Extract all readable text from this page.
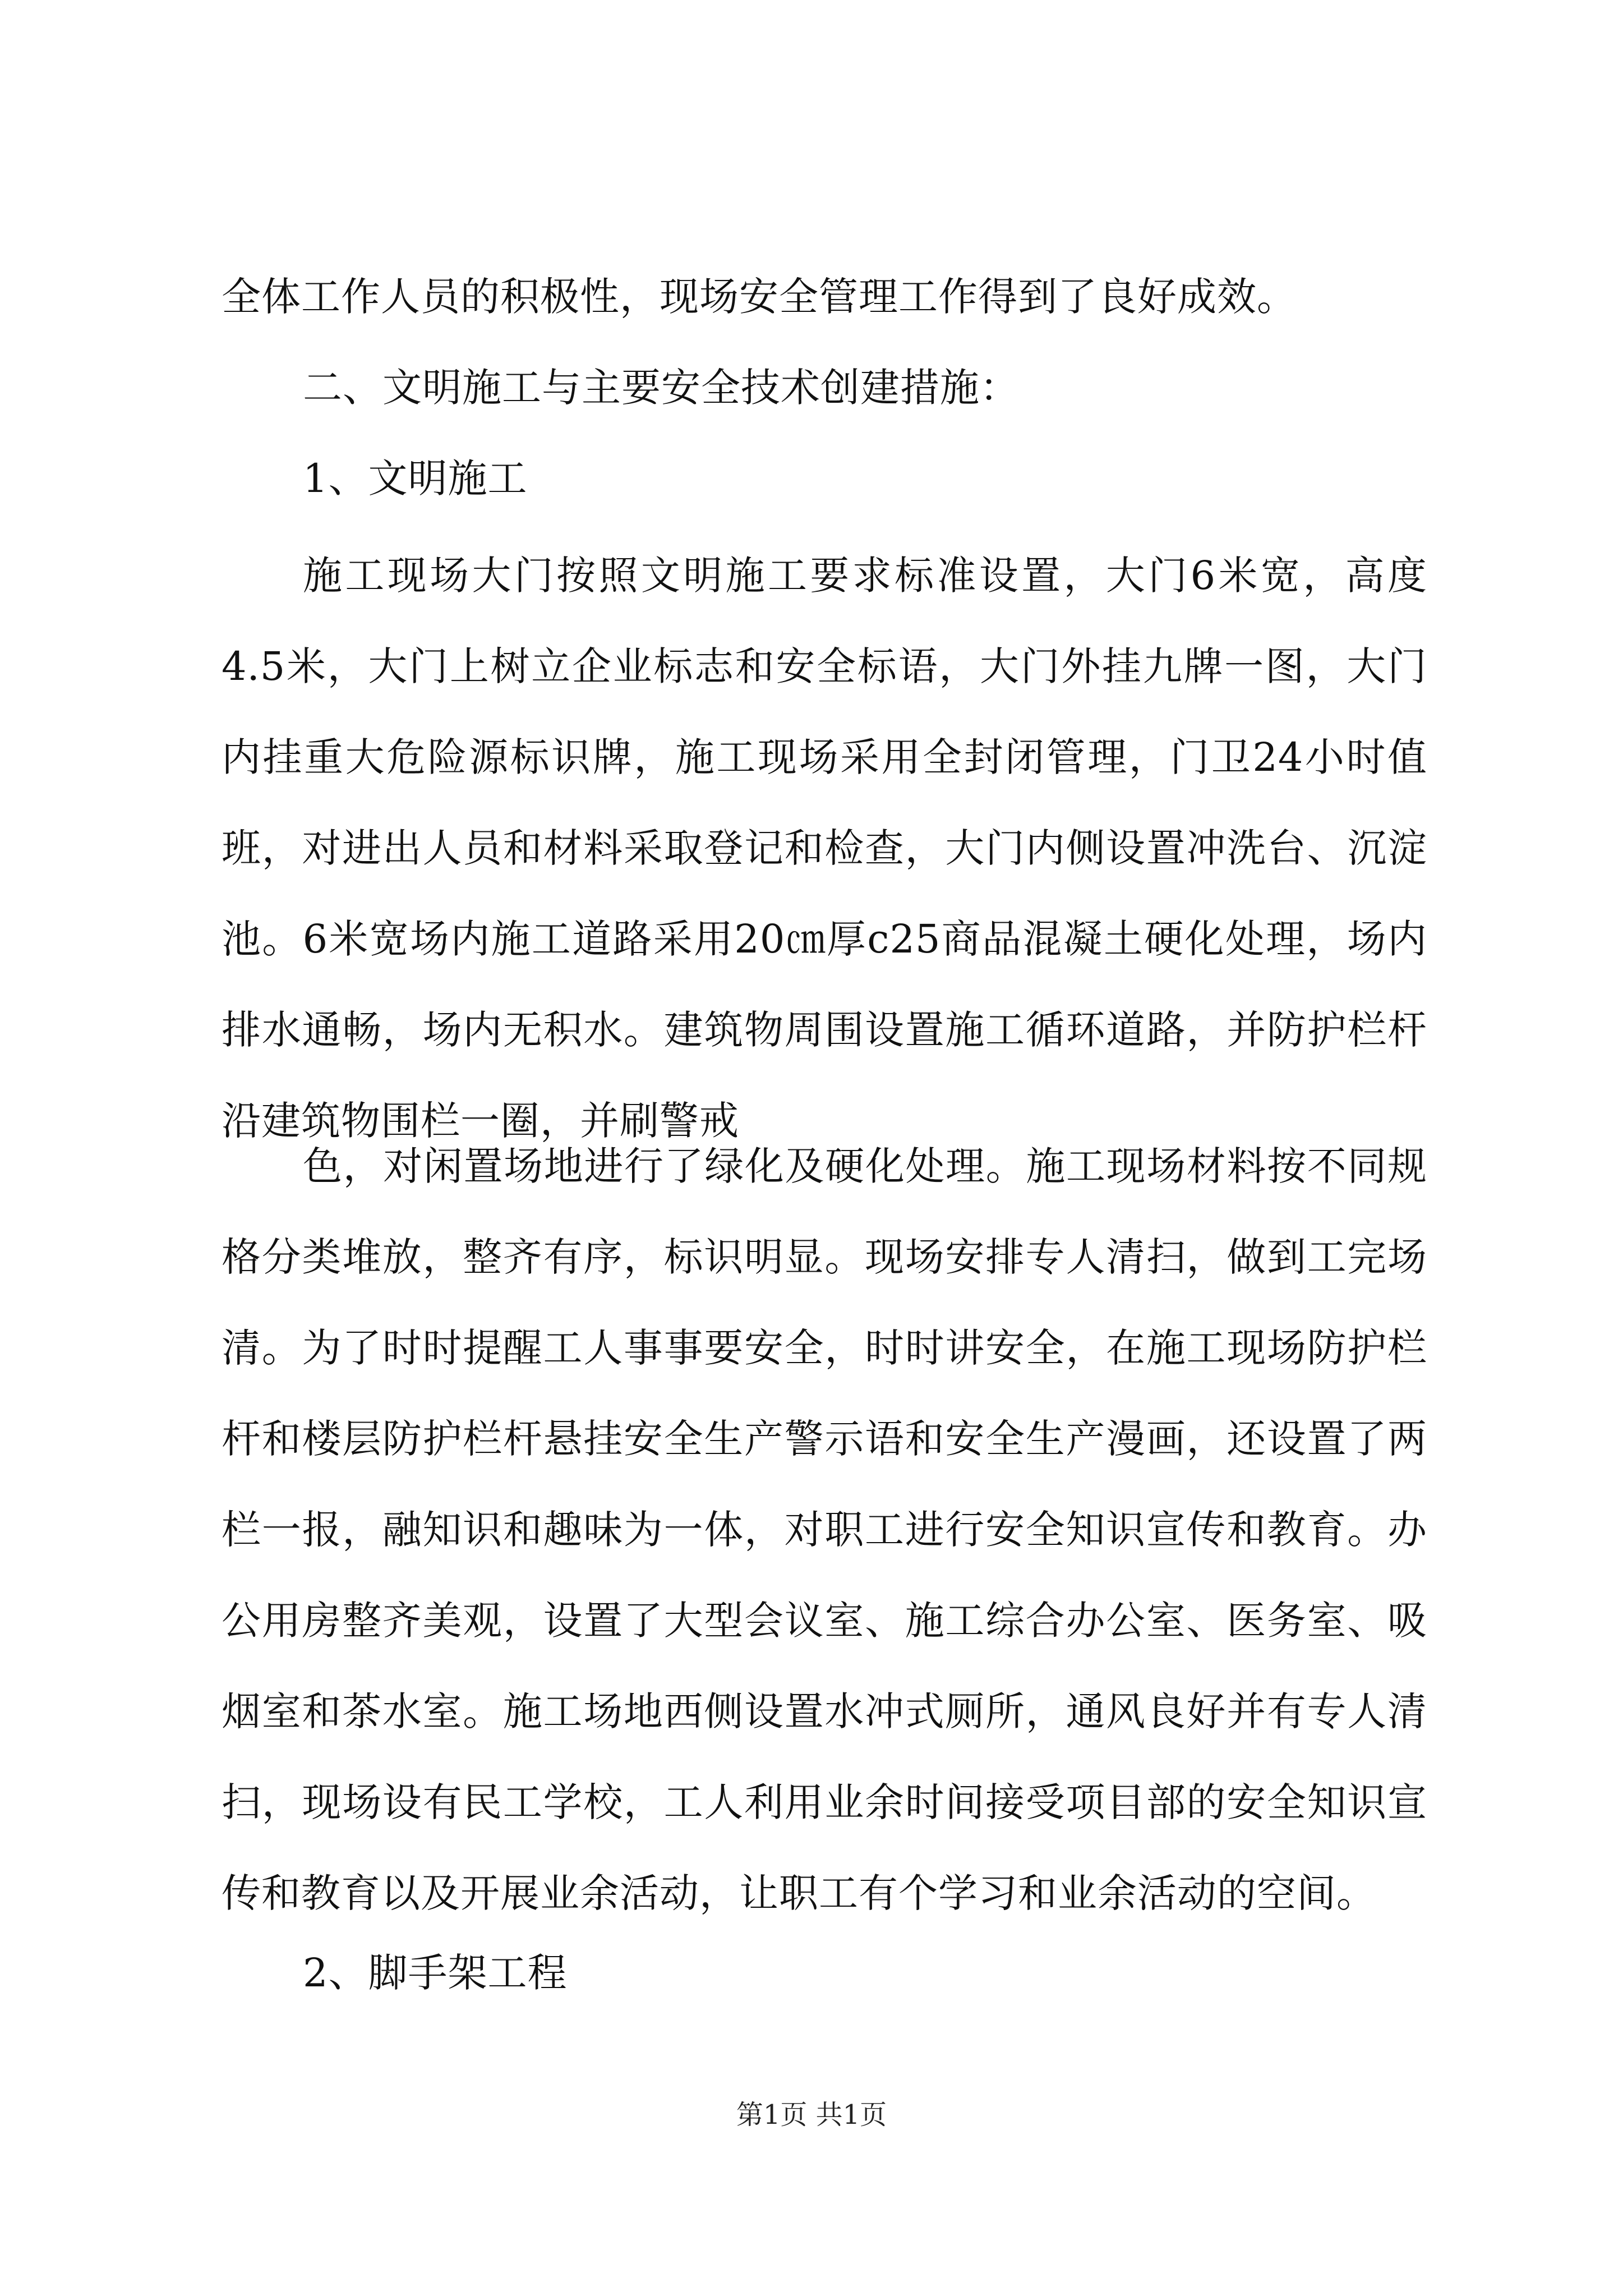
全体工作人员的积极性，现场安全管理工作得到了良好成效。
二、文明施工与主要安全技术创建措施：
1、文明施工

施工现场大门按照文明施工要求标准设置，大门6米宽，高度4.5米，大门上树立企业标志和安全标语，大门外挂九牌一图，大门内挂重大危险源标识牌，施工现场采用全封闭管理，门卫24小时值班，对进出人员和材料采取登记和检查，大门内侧设置冲洗台、沉淀池。6米宽场内施工道路采用20㎝厚c25商品混凝土硬化处理，场内排水通畅，场内无积水。建筑物周围设置施工循环道路，并防护栏杆沿建筑物围栏一圈，并刷警戒

色，对闲置场地进行了绿化及硬化处理。施工现场材料按不同规格分类堆放，整齐有序，标识明显。现场安排专人清扫，做到工完场清。为了时时提醒工人事事要安全，时时讲安全，在施工现场防护栏杆和楼层防护栏杆悬挂安全生产警示语和安全生产漫画，还设置了两栏一报，融知识和趣味为一体，对职工进行安全知识宣传和教育。办公用房整齐美观，设置了大型会议室、施工综合办公室、医务室、吸烟室和茶水室。施工场地西侧设置水冲式厕所，通风良好并有专人清扫，现场设有民工学校，工人利用业余时间接受项目部的安全知识宣传和教育以及开展业余活动，让职工有个学习和业余活动的空间。

2、脚手架工程
第1页 共1页
